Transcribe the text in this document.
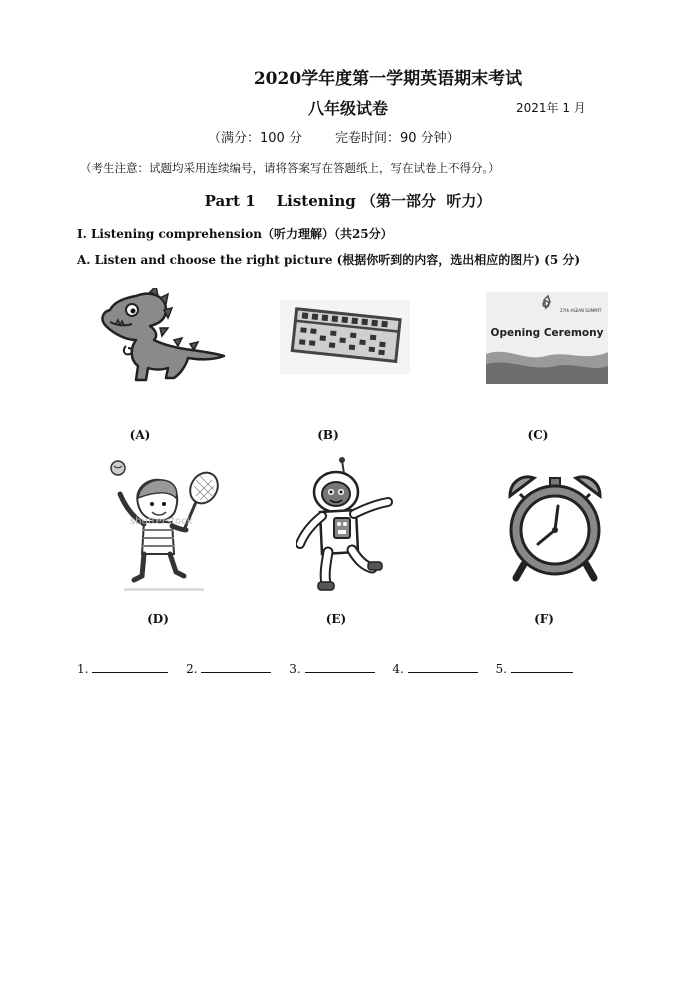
2020学年度第一学期英语期末考试
八年级试卷	2021年 1 月
（满分：100 分        完卷时间：90 分钟）
（考生注意：试题均采用连续编号，请将答案写在答题纸上，写在试卷上不得分。）
Part 1    Listening （第一部分  听力）
I. Listening comprehension（听力理解）（共25分）
A. Listen and choose the right picture (根据你听到的内容，选出相应的图片) (5 分)
27th ASEAN SUMMIT
Opening Ceremony
(A)	(B)	(C)
shutterstock
(D)	(E)	(F)
1.	2.	3.	4.	5.
